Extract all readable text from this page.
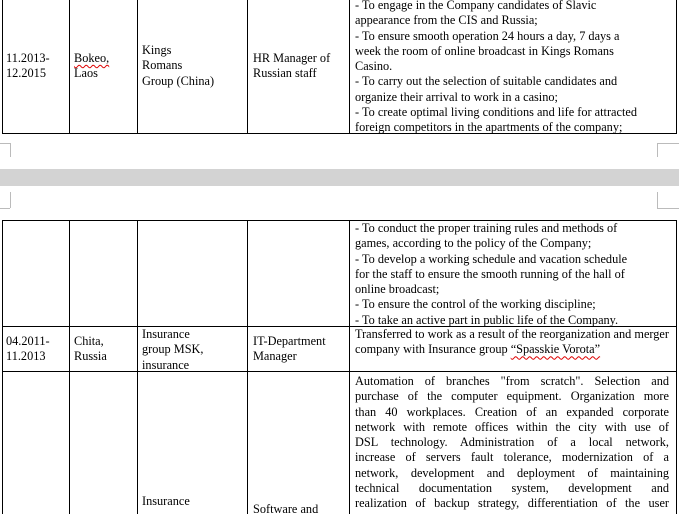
11.2013-
12.2015
Bokeo,
Laos
Kings
Romans
Group (China)
HR Manager of
Russian staff
- To engage in the Company candidates of Slavic
appearance from the CIS and Russia;
- To ensure smooth operation 24 hours a day, 7 days a
week the room of online broadcast in Kings Romans
Casino.
- To carry out the selection of suitable candidates and
organize their arrival to work in a casino;
- To create optimal living conditions and life for attracted
foreign competitors in the apartments of the company;
- To conduct the proper training rules and methods of
games, according to the policy of the Company;
- To develop a working schedule and vacation schedule
for the staff to ensure the smooth running of the hall of
online broadcast;
- To ensure the control of the working discipline;
- To take an active part in public life of the Company.
04.2011-
11.2013
Chita,
Russia
Insurance
group MSK,
insurance
IT-Department
Manager
Transferred to work as a result of the reorganization and merger company with Insurance group “Spasskie Vorota”
Insurance
Software and
Automation of branches "from scratch". Selection and
purchase of the computer equipment. Organization more
than 40 workplaces. Creation of an expanded corporate
network with remote offices within the city with use of
DSL technology. Administration of a local network,
increase of servers fault tolerance, modernization of a
network, development and deployment of maintaining
technical documentation system, development and
realization of backup strategy, differentiation of the user
